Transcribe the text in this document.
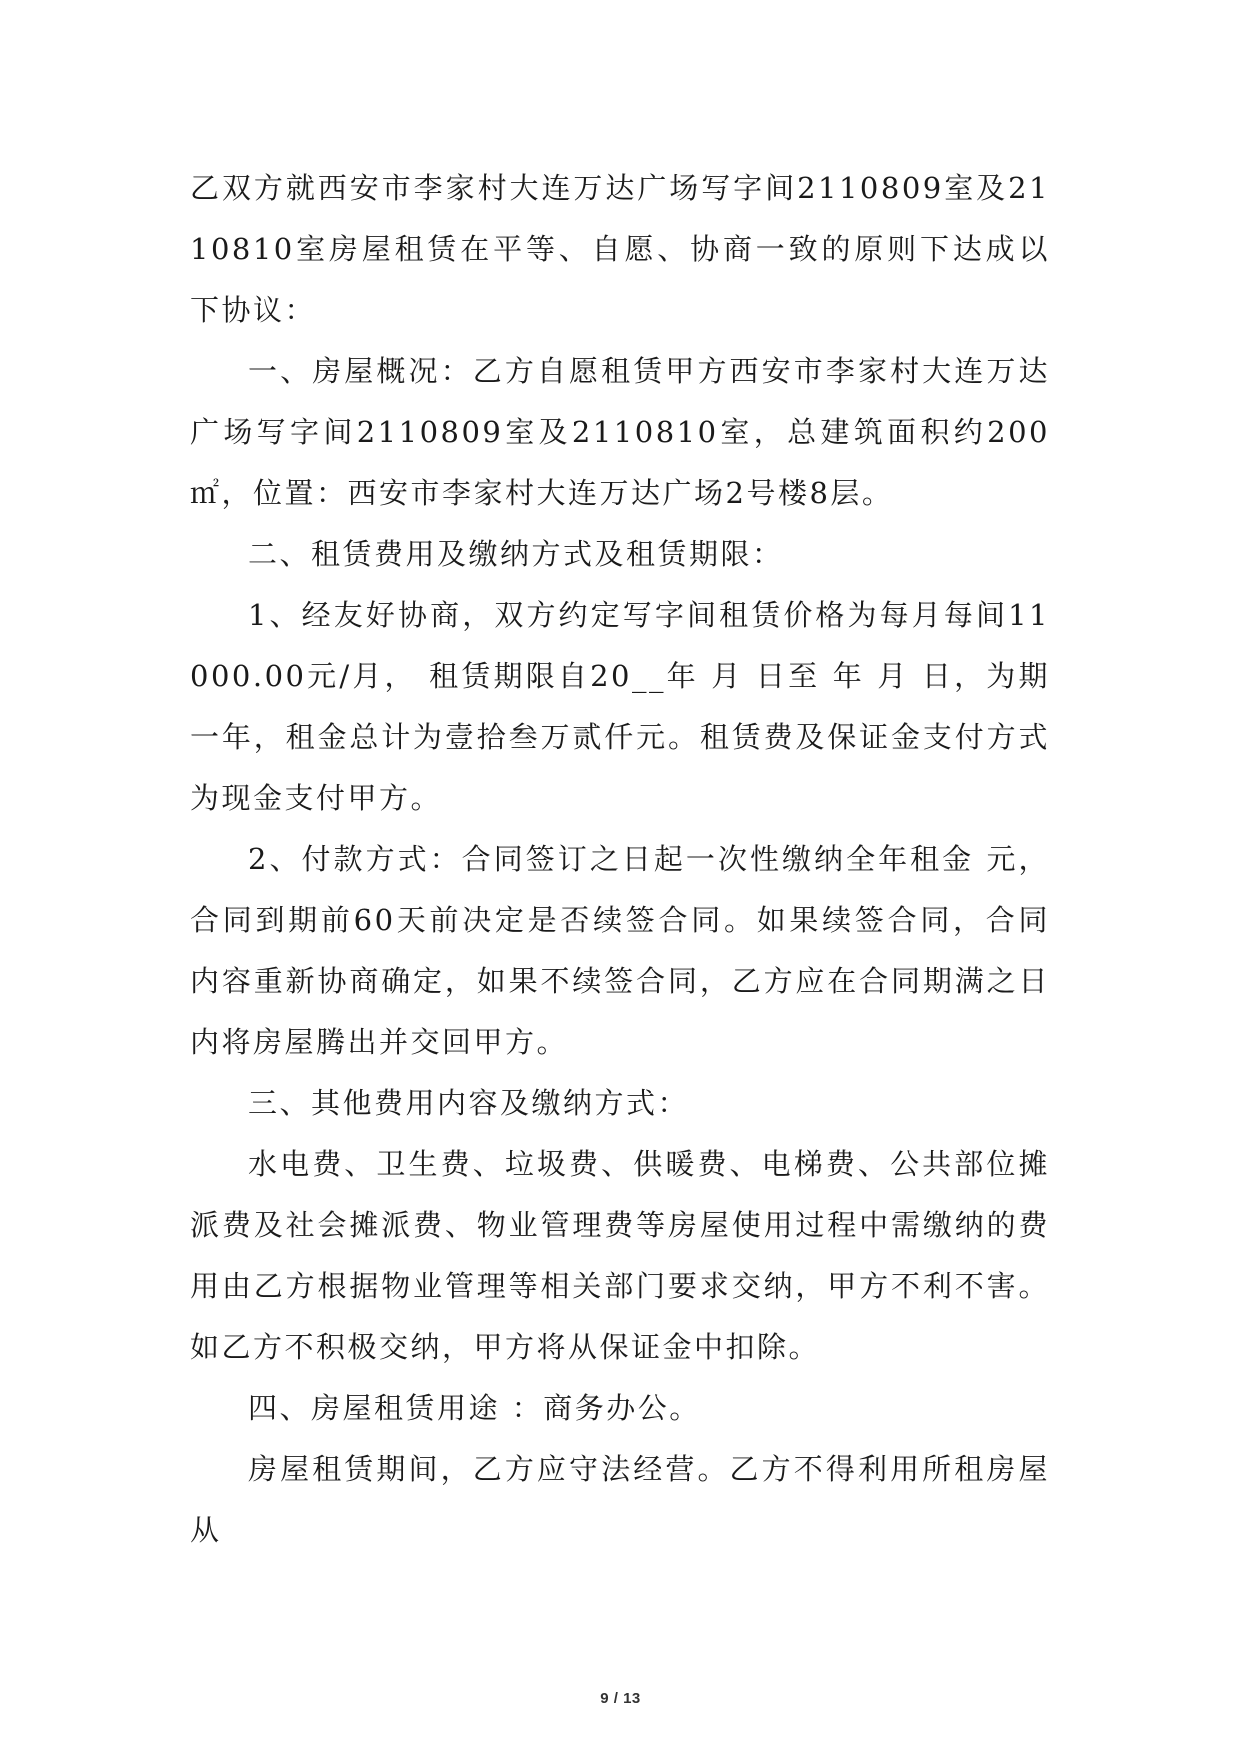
乙双方就西安市李家村大连万达广场写字间2110809室及2110810室房屋租赁在平等、自愿、协商一致的原则下达成以下协议：

一、房屋概况：乙方自愿租赁甲方西安市李家村大连万达广场写字间2110809室及2110810室，总建筑面积约200㎡，位置：西安市李家村大连万达广场2号楼8层。

二、租赁费用及缴纳方式及租赁期限：

1、经友好协商，双方约定写字间租赁价格为每月每间11000.00元/月， 租赁期限自20__年 月 日至 年 月 日，为期一年，租金总计为壹拾叁万贰仟元。租赁费及保证金支付方式为现金支付甲方。

2、付款方式：合同签订之日起一次性缴纳全年租金 元，合同到期前60天前决定是否续签合同。如果续签合同，合同内容重新协商确定，如果不续签合同，乙方应在合同期满之日内将房屋腾出并交回甲方。

三、其他费用内容及缴纳方式：

水电费、卫生费、垃圾费、供暖费、电梯费、公共部位摊派费及社会摊派费、物业管理费等房屋使用过程中需缴纳的费用由乙方根据物业管理等相关部门要求交纳，甲方不利不害。如乙方不积极交纳，甲方将从保证金中扣除。

四、房屋租赁用途 ：商务办公。

房屋租赁期间，乙方应守法经营。乙方不得利用所租房屋从

9 / 13
